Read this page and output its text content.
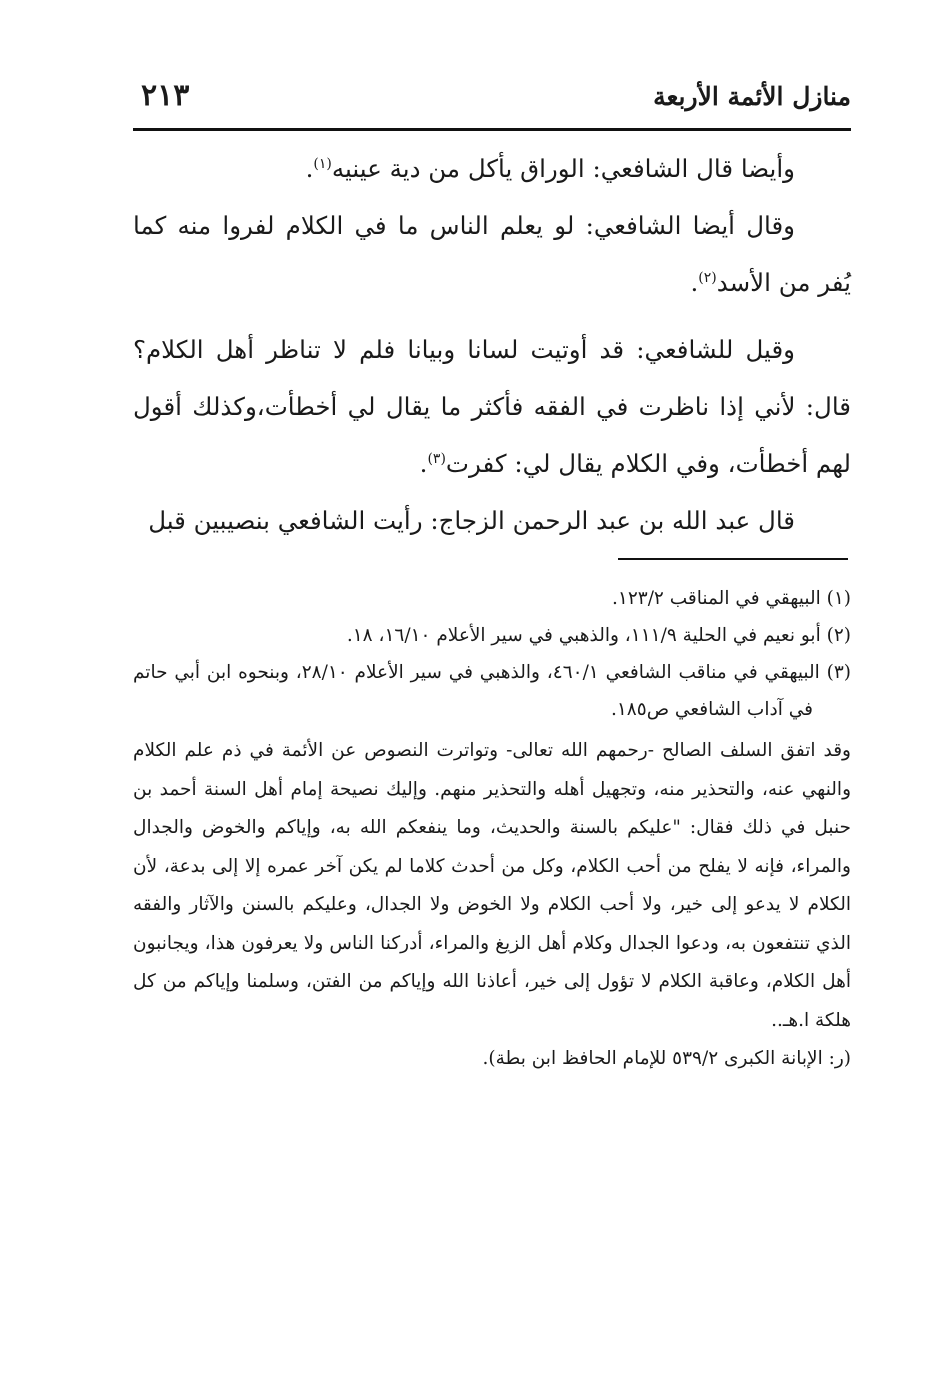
منازل الأئمة الأربعة
٢١٣

وأيضا قال الشافعي: الوراق يأكل من دية عينيه$^{(١)}$.

وقال أيضا الشافعي: لو يعلم الناس ما في الكلام لفروا منه كما يُفر من الأسد$^{(٢)}$.

وقيل للشافعي: قد أوتيت لسانا وبيانا فلم لا تناظر أهل الكلام؟ قال: لأني إذا ناظرت في الفقه فأكثر ما يقال لي أخطأت،وكذلك أقول لهم أخطأت، وفي الكلام يقال لي: كفرت$^{(٣)}$.

قال عبد الله بن عبد الرحمن الزجاج: رأيت الشافعي بنصيبين قبل

(١) البيهقي في المناقب ١٢٣/٢.

(٢) أبو نعيم في الحلية ١١١/٩، والذهبي في سير الأعلام ١٦/١٠، ١٨.

(٣) البيهقي في مناقب الشافعي ٤٦٠/١، والذهبي في سير الأعلام ٢٨/١٠، وبنحوه ابن أبي حاتم في آداب الشافعي ص١٨٥.

وقد اتفق السلف الصالح -رحمهم الله تعالى- وتواترت النصوص عن الأئمة في ذم علم الكلام والنهي عنه، والتحذير منه، وتجهيل أهله والتحذير منهم. وإليك نصيحة إمام أهل السنة أحمد بن حنبل في ذلك فقال: "عليكم بالسنة والحديث، وما ينفعكم الله به، وإياكم والخوض والجدال والمراء، فإنه لا يفلح من أحب الكلام، وكل من أحدث كلاما لم يكن آخر عمره إلا إلى بدعة، لأن الكلام لا يدعو إلى خير، ولا أحب الكلام ولا الخوض ولا الجدال، وعليكم بالسنن والآثار والفقه الذي تنتفعون به، ودعوا الجدال وكلام أهل الزيغ والمراء، أدركنا الناس ولا يعرفون هذا، ويجانبون أهل الكلام، وعاقبة الكلام لا تؤول إلى خير، أعاذنا الله وإياكم من الفتن، وسلمنا وإياكم من كل هلكة ا.هـ..

(ر: الإبانة الكبرى ٥٣٩/٢ للإمام الحافظ ابن بطة).
